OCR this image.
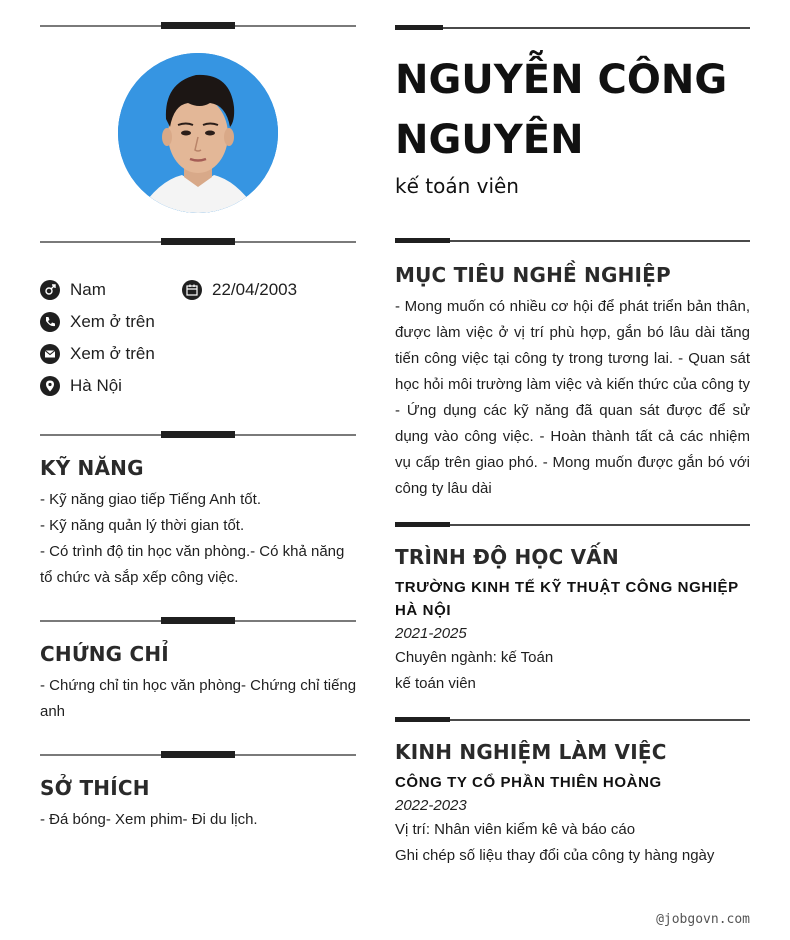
Nam	22/04/2003
Xem ở trên
Xem ở trên
Hà Nội
KỸ NĂNG
- Kỹ năng giao tiếp Tiếng Anh tốt.
- Kỹ năng quản lý thời gian tốt.
- Có trình độ tin học văn phòng.- Có khả năng tổ chức và sắp xếp công việc.
CHỨNG CHỈ
- Chứng chỉ tin học văn phòng- Chứng chỉ tiếng anh
SỞ THÍCH
- Đá bóng- Xem phim- Đi du lịch.
NGUYỄN CÔNG NGUYÊN
kế toán viên
MỤC TIÊU NGHỀ NGHIỆP
- Mong muốn có nhiều cơ hội để phát triển bản thân, được làm việc ở vị trí phù hợp, gắn bó lâu dài tăng tiến công việc tại công ty trong tương lai. - Quan sát học hỏi môi trường làm việc và kiến thức của công ty - Ứng dụng các kỹ năng đã quan sát được để sử dụng vào công việc. - Hoàn thành tất cả các nhiệm vụ cấp trên giao phó. - Mong muốn được gắn bó với công ty lâu dài
TRÌNH ĐỘ HỌC VẤN
TRƯỜNG KINH TẾ KỸ THUẬT CÔNG NGHIỆP HÀ NỘI
2021-2025
Chuyên ngành: kế Toán
kế toán viên
KINH NGHIỆM LÀM VIỆC
CÔNG TY CỔ PHẦN THIÊN HOÀNG
2022-2023
Vị trí: Nhân viên kiểm kê và báo cáo
Ghi chép số liệu thay đổi của công ty hàng ngày
@jobgovn.com
